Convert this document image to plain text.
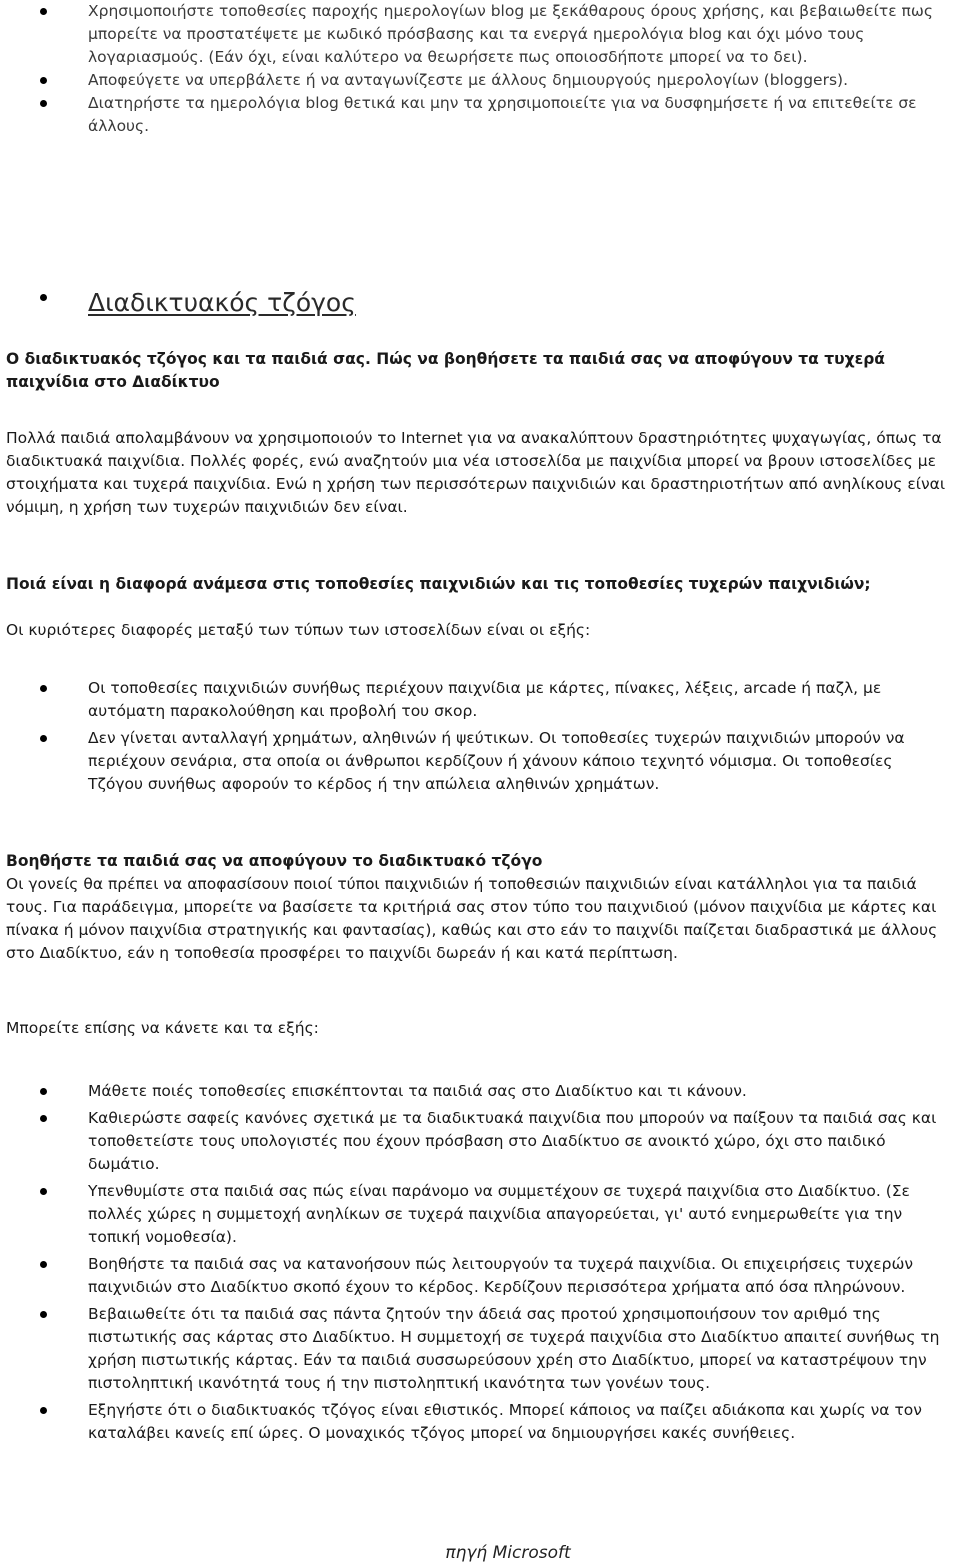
Χρησιμοποιήστε τοποθεσίες παροχής ημερολογίων blog με ξεκάθαρους όρους χρήσης, και βεβαιωθείτε πως μπορείτε να προστατέψετε με κωδικό πρόσβασης και τα ενεργά ημερολόγια blog και όχι μόνο τους λογαριασμούς. (Εάν όχι, είναι καλύτερο να θεωρήσετε πως οποιοσδήποτε μπορεί να το δει).
Αποφεύγετε να υπερβάλετε ή να ανταγωνίζεστε με άλλους δημιουργούς ημερολογίων (bloggers).
Διατηρήστε τα ημερολόγια blog θετικά και μην τα χρησιμοποιείτε για να δυσφημήσετε ή να επιτεθείτε σε άλλους.
Διαδικτυακός τζόγος
Ο διαδικτυακός τζόγος και τα παιδιά σας. Πώς να βοηθήσετε τα παιδιά σας να αποφύγουν τα τυχερά παιχνίδια στο Διαδίκτυο
Πολλά παιδιά απολαμβάνουν να χρησιμοποιούν το Internet για να ανακαλύπτουν δραστηριότητες ψυχαγωγίας, όπως τα διαδικτυακά παιχνίδια. Πολλές φορές, ενώ αναζητούν μια νέα ιστοσελίδα με παιχνίδια μπορεί να βρουν ιστοσελίδες με στοιχήματα και τυχερά παιχνίδια. Ενώ η χρήση των περισσότερων παιχνιδιών και δραστηριοτήτων από ανηλίκους είναι νόμιμη, η χρήση των τυχερών παιχνιδιών δεν είναι.
Ποιά είναι η διαφορά ανάμεσα στις τοποθεσίες παιχνιδιών και τις τοποθεσίες τυχερών παιχνιδιών;
Οι κυριότερες διαφορές μεταξύ των τύπων των ιστοσελίδων είναι οι εξής:
Οι τοποθεσίες παιχνιδιών συνήθως περιέχουν παιχνίδια με κάρτες, πίνακες, λέξεις, arcade ή παζλ, με αυτόματη παρακολούθηση και προβολή του σκορ.
Δεν γίνεται ανταλλαγή χρημάτων, αληθινών ή ψεύτικων. Οι τοποθεσίες τυχερών παιχνιδιών μπορούν να περιέχουν σενάρια, στα οποία οι άνθρωποι κερδίζουν ή χάνουν κάποιο τεχνητό νόμισμα. Οι τοποθεσίες Τζόγου συνήθως αφορούν το κέρδος ή την απώλεια αληθινών χρημάτων.
Βοηθήστε τα παιδιά σας να αποφύγουν το διαδικτυακό τζόγο
Οι γονείς θα πρέπει να αποφασίσουν ποιοί τύποι παιχνιδιών ή τοποθεσιών παιχνιδιών είναι κατάλληλοι για τα παιδιά τους. Για παράδειγμα, μπορείτε να βασίσετε τα κριτήριά σας στον τύπο του παιχνιδιού (μόνον παιχνίδια με κάρτες και πίνακα ή μόνον παιχνίδια στρατηγικής και φαντασίας), καθώς και στο εάν το παιχνίδι παίζεται διαδραστικά με άλλους στο Διαδίκτυο, εάν η τοποθεσία προσφέρει το παιχνίδι δωρεάν ή και κατά περίπτωση.
Μπορείτε επίσης να κάνετε και τα εξής:
Μάθετε ποιές τοποθεσίες επισκέπτονται τα παιδιά σας στο Διαδίκτυο και τι κάνουν.
Καθιερώστε σαφείς κανόνες σχετικά με τα διαδικτυακά παιχνίδια που μπορούν να παίξουν τα παιδιά σας και τοποθετείστε τους υπολογιστές που έχουν πρόσβαση στο Διαδίκτυο σε ανοικτό χώρο, όχι στο παιδικό δωμάτιο.
Υπενθυμίστε στα παιδιά σας πώς είναι παράνομο να συμμετέχουν σε τυχερά παιχνίδια στο Διαδίκτυο. (Σε πολλές χώρες η συμμετοχή ανηλίκων σε τυχερά παιχνίδια απαγορεύεται, γι' αυτό ενημερωθείτε για την τοπική νομοθεσία).
Βοηθήστε τα παιδιά σας να κατανοήσουν πώς λειτουργούν τα τυχερά παιχνίδια. Οι επιχειρήσεις τυχερών παιχνιδιών στο Διαδίκτυο σκοπό έχουν το κέρδος. Κερδίζουν περισσότερα χρήματα από όσα πληρώνουν.
Βεβαιωθείτε ότι τα παιδιά σας πάντα ζητούν την άδειά σας προτού χρησιμοποιήσουν τον αριθμό της πιστωτικής σας κάρτας στο Διαδίκτυο. Η συμμετοχή σε τυχερά παιχνίδια στο Διαδίκτυο απαιτεί συνήθως τη χρήση πιστωτικής κάρτας. Εάν τα παιδιά συσσωρεύσουν χρέη στο Διαδίκτυο, μπορεί να καταστρέψουν την πιστοληπτική ικανότητά τους ή την πιστοληπτική ικανότητα των γονέων τους.
Εξηγήστε ότι ο διαδικτυακός τζόγος είναι εθιστικός. Μπορεί κάποιος να παίζει αδιάκοπα και χωρίς να τον καταλάβει κανείς επί ώρες. Ο μοναχικός τζόγος μπορεί να δημιουργήσει κακές συνήθειες.
πηγή Microsoft
